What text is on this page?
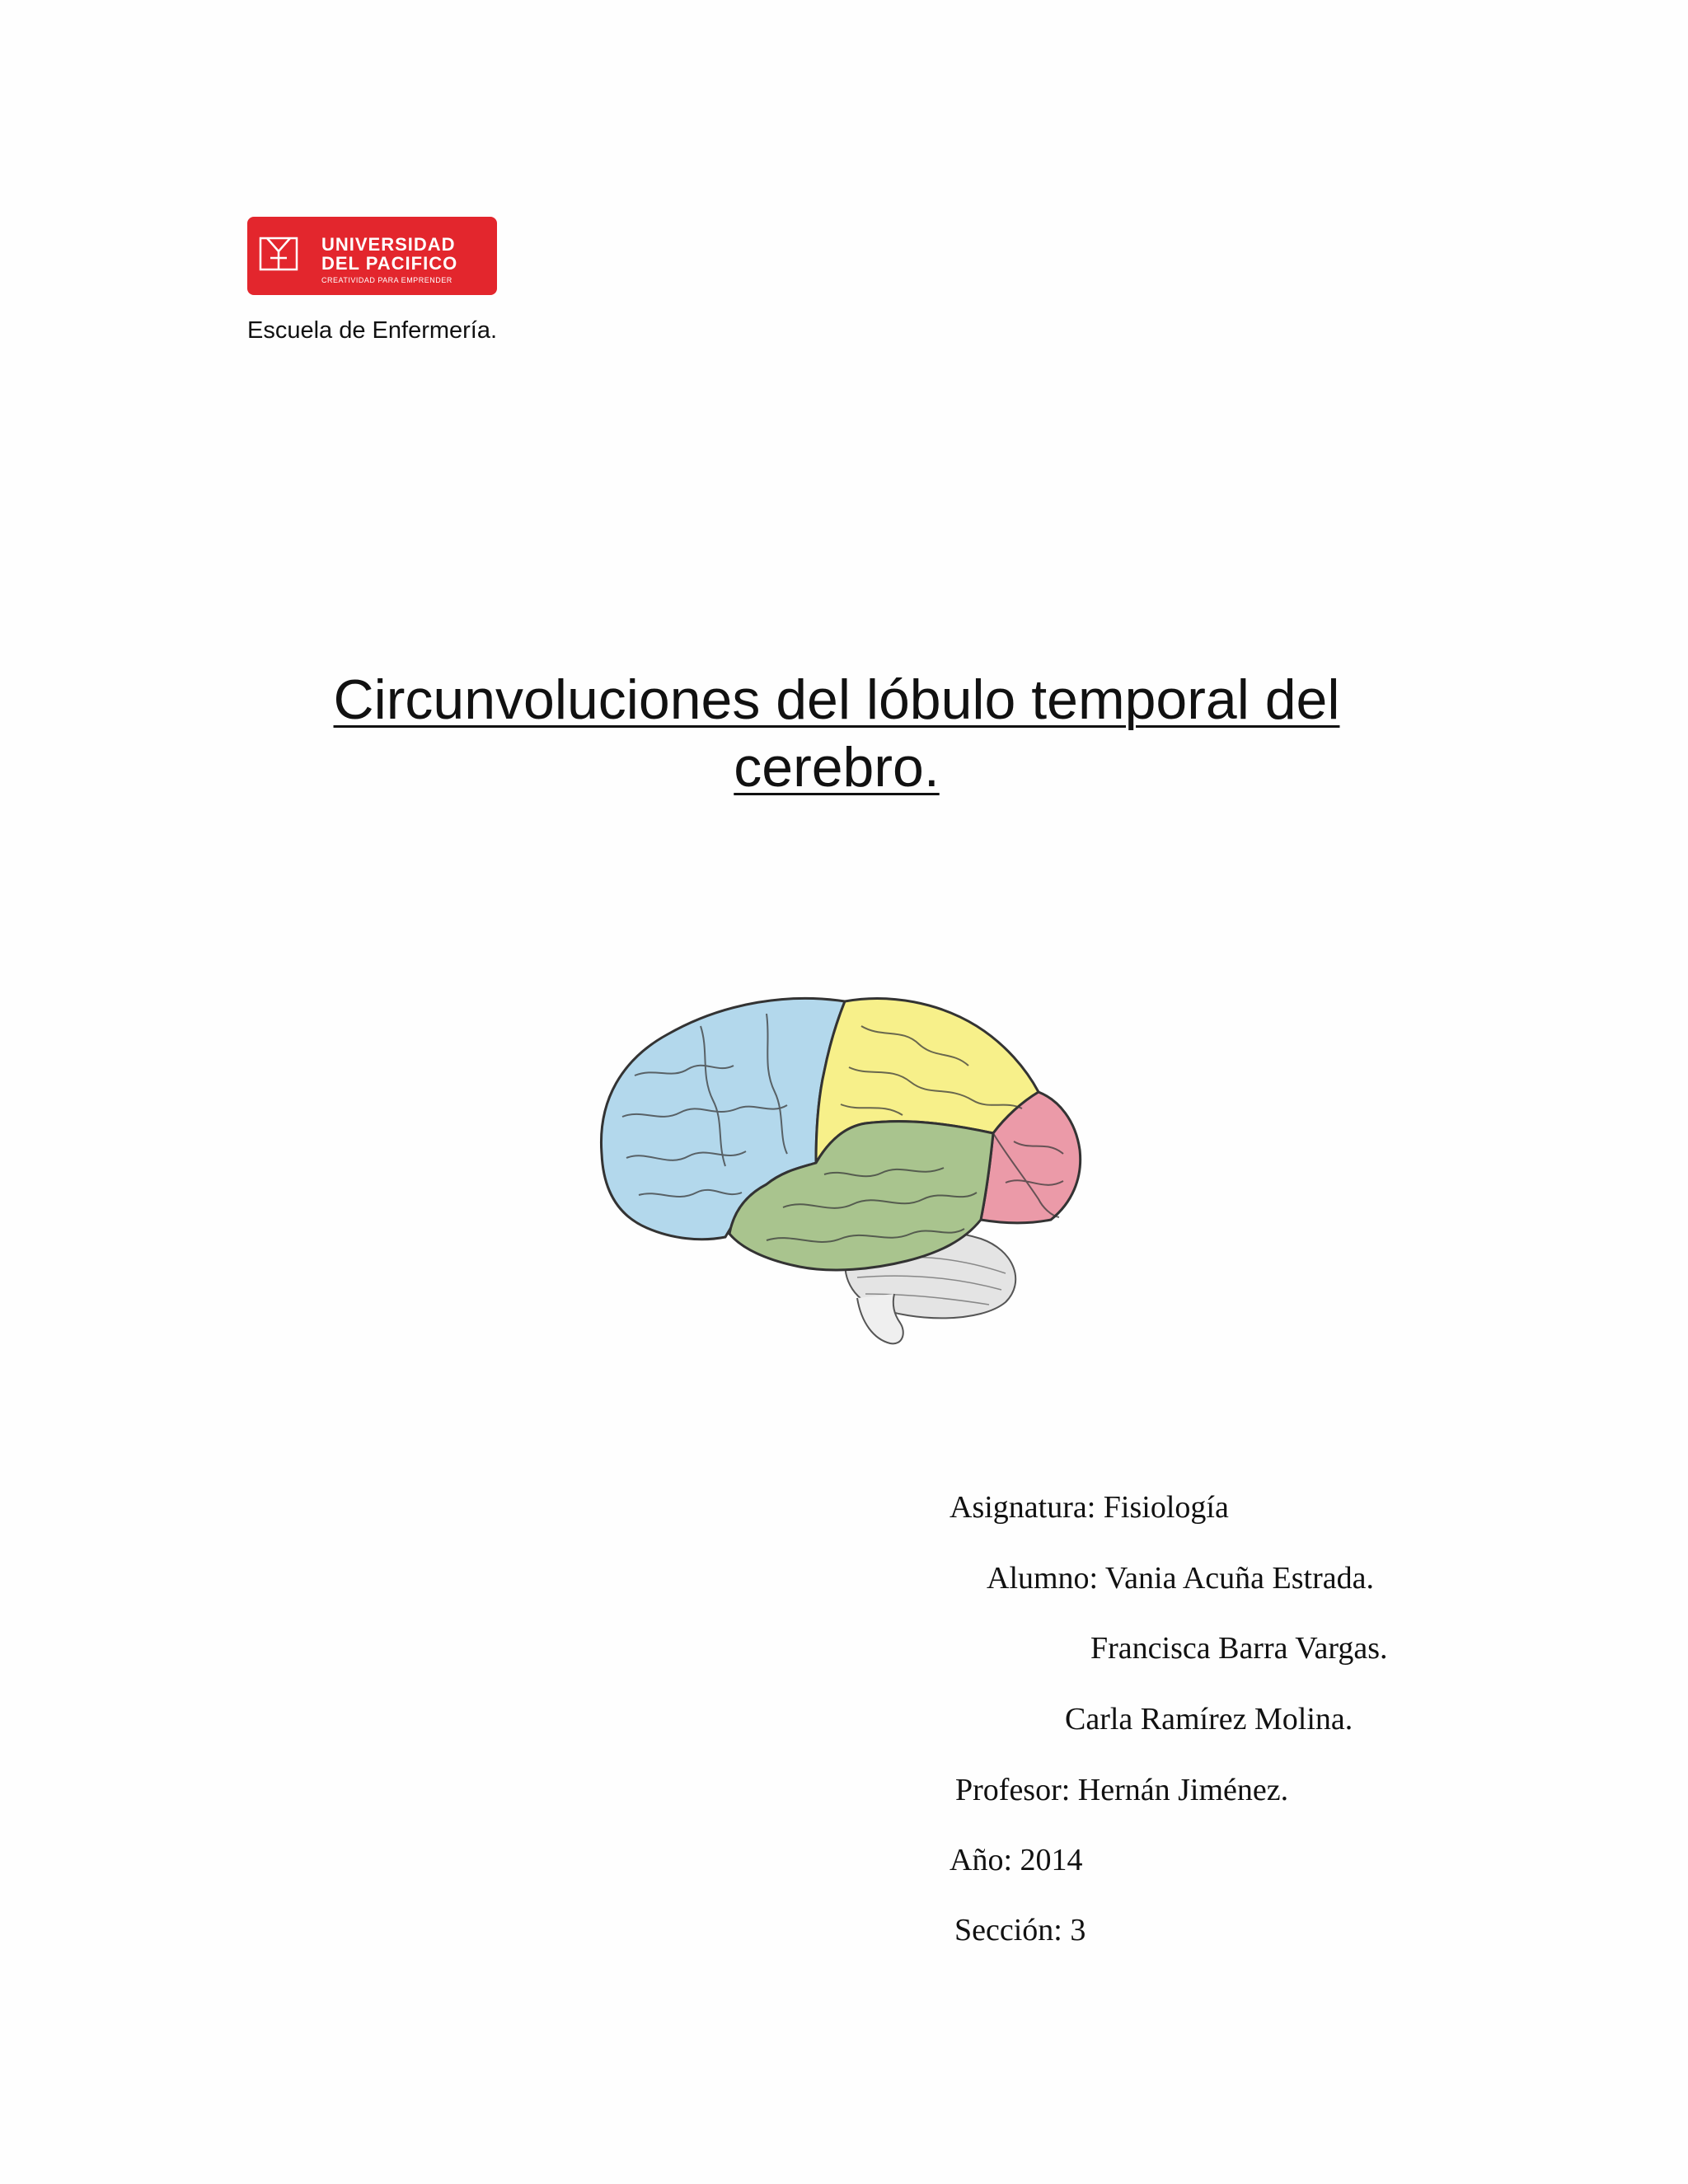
UNIVERSIDAD
DEL PACIFICO
CREATIVIDAD PARA EMPRENDER
Escuela de Enfermería.
Circunvoluciones del lóbulo temporal del
cerebro.
Asignatura: Fisiología
Alumno: Vania Acuña Estrada.
Francisca Barra Vargas.
Carla Ramírez Molina.
Profesor: Hernán Jiménez.
Año: 2014
Sección: 3
